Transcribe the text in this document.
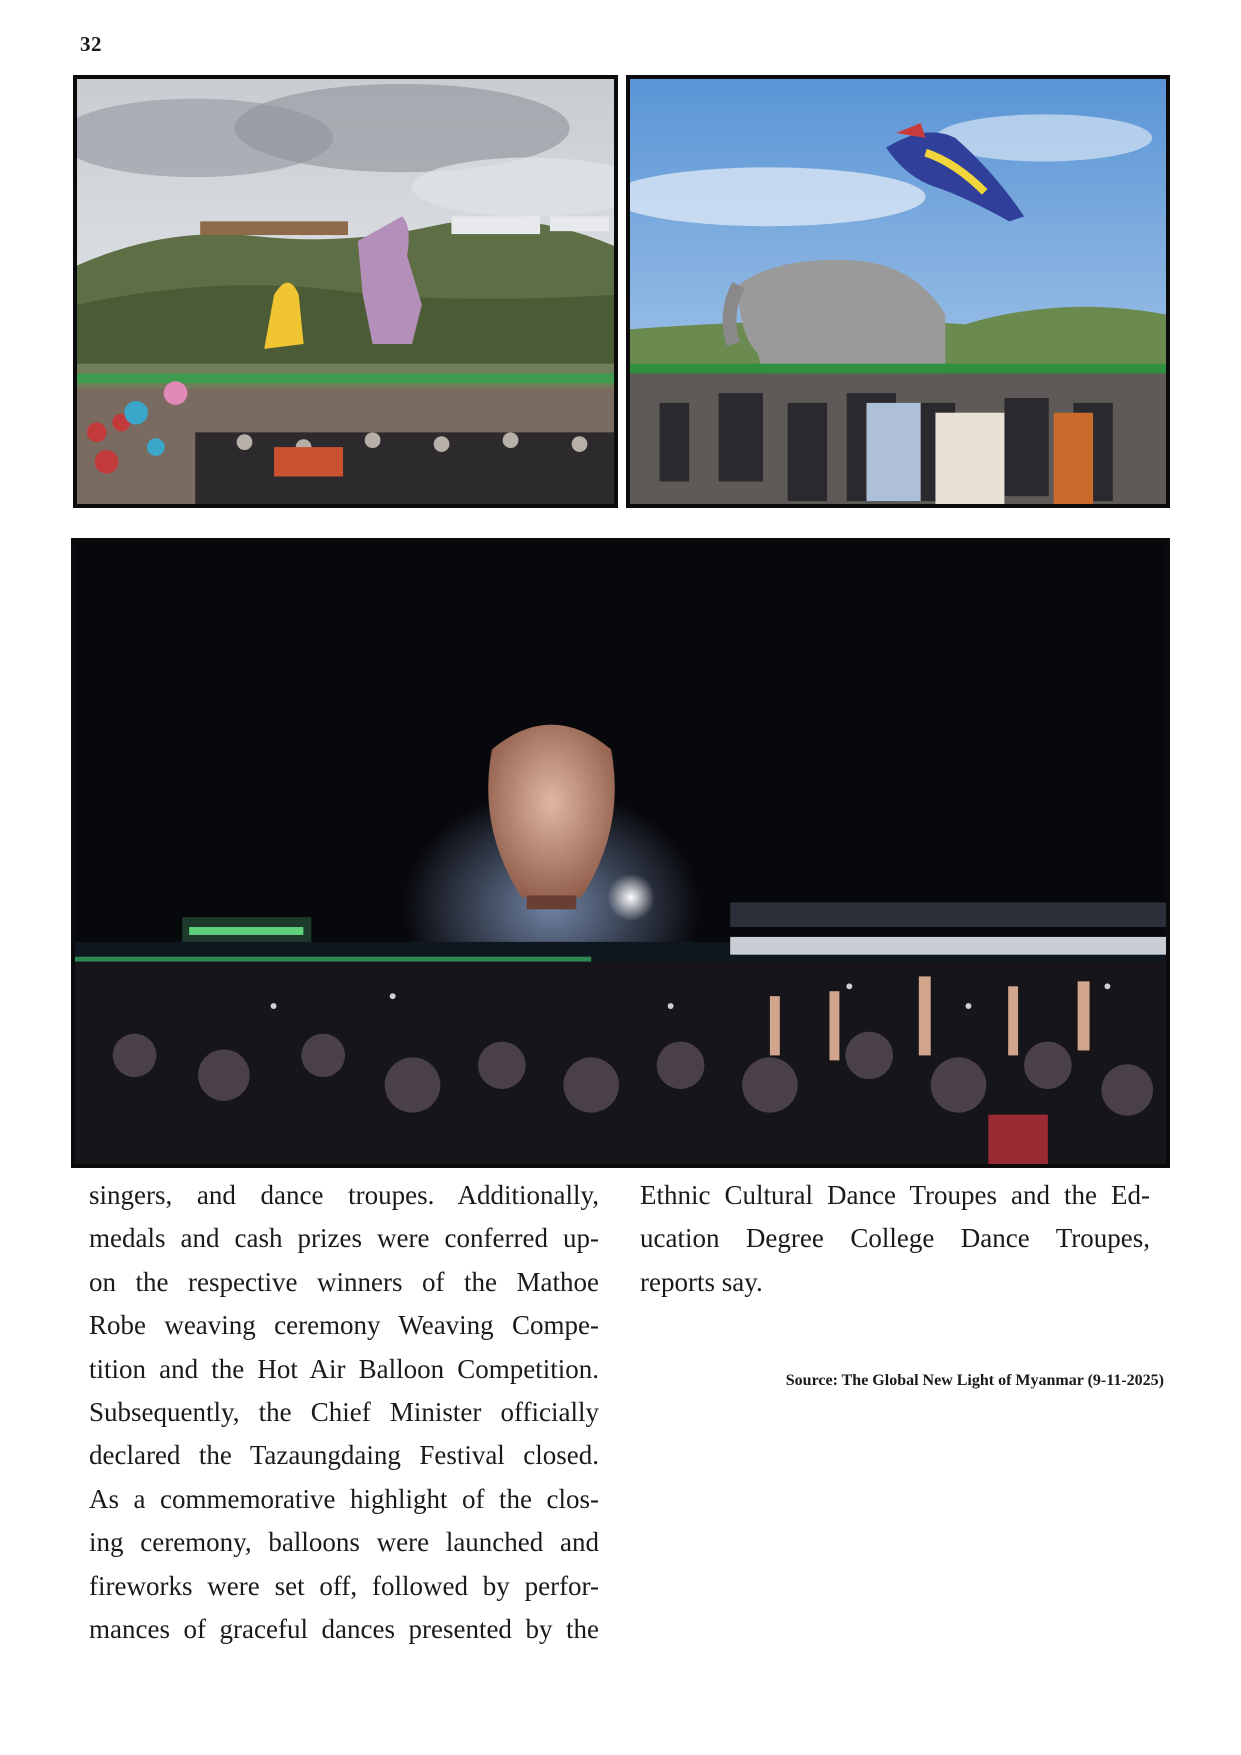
32
singers, and dance troupes. Additionally,
medals and cash prizes were conferred up-
on the respective winners of the Mathoe
Robe weaving ceremony Weaving Compe-
tition and the Hot Air Balloon Competition.
Subsequently, the Chief Minister officially
declared the Tazaungdaing Festival closed.
As a commemorative highlight of the clos-
ing ceremony, balloons were launched and
fireworks were set off, followed by perfor-
mances of graceful dances presented by the
Ethnic Cultural Dance Troupes and the Ed-
ucation Degree College Dance Troupes,
reports say.
Source: The Global New Light of Myanmar (9-11-2025)
